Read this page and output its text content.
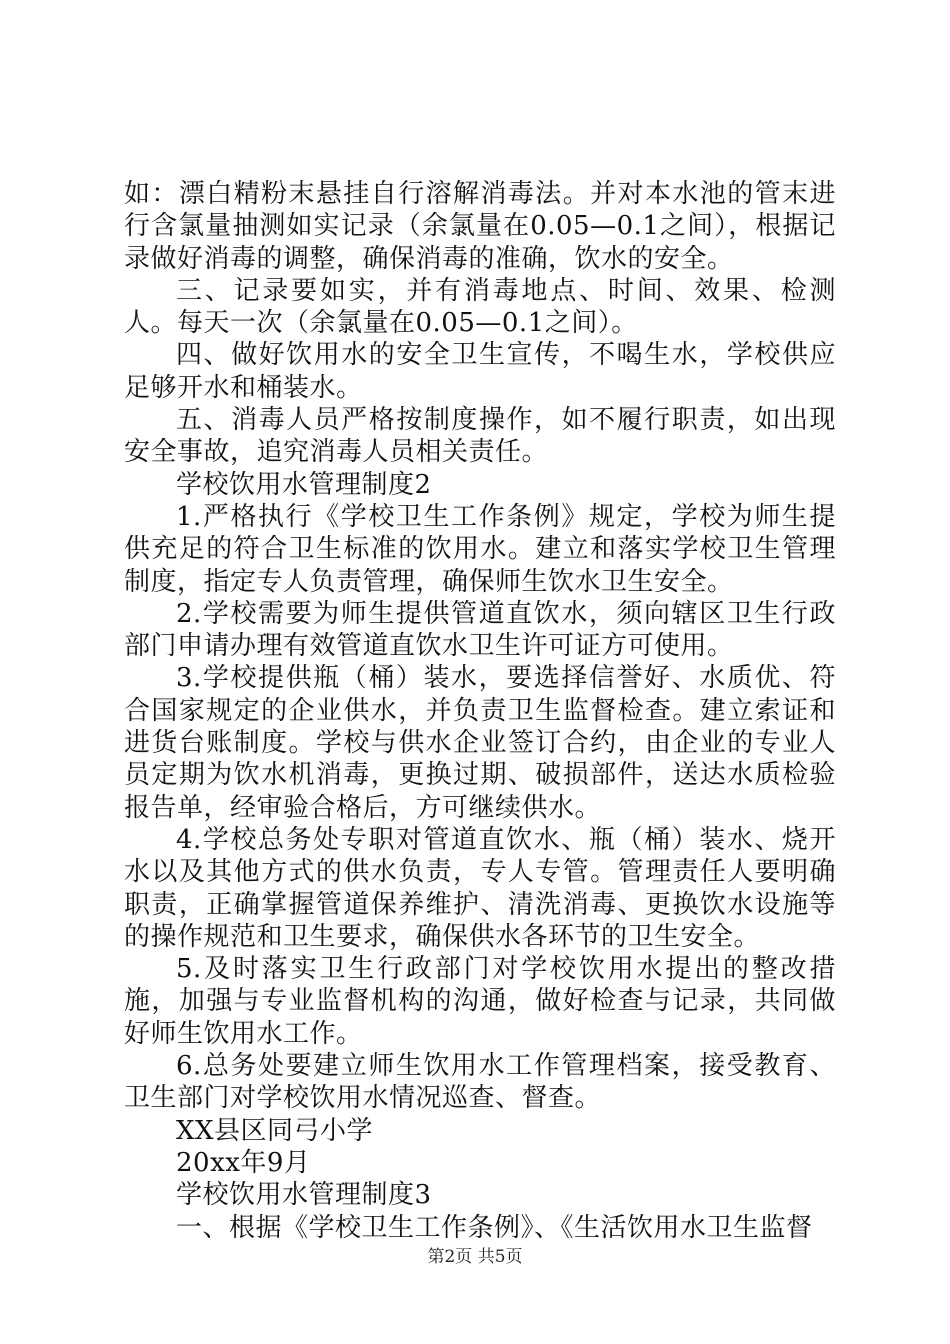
如：漂白精粉末悬挂自行溶解消毒法。并对本水池的管末进行含氯量抽测如实记录（余氯量在0.05—0.1之间），根据记录做好消毒的调整，确保消毒的准确，饮水的安全。

三、记录要如实，并有消毒地点、时间、效果、检测人。每天一次（余氯量在0.05—0.1之间）。

四、做好饮用水的安全卫生宣传，不喝生水，学校供应足够开水和桶装水。

五、消毒人员严格按制度操作，如不履行职责，如出现安全事故，追究消毒人员相关责任。

学校饮用水管理制度2

1.严格执行《学校卫生工作条例》规定，学校为师生提供充足的符合卫生标准的饮用水。建立和落实学校卫生管理制度，指定专人负责管理，确保师生饮水卫生安全。

2.学校需要为师生提供管道直饮水，须向辖区卫生行政部门申请办理有效管道直饮水卫生许可证方可使用。

3.学校提供瓶（桶）装水，要选择信誉好、水质优、符合国家规定的企业供水，并负责卫生监督检查。建立索证和进货台账制度。学校与供水企业签订合约，由企业的专业人员定期为饮水机消毒，更换过期、破损部件，送达水质检验报告单，经审验合格后，方可继续供水。

4.学校总务处专职对管道直饮水、瓶（桶）装水、烧开水以及其他方式的供水负责，专人专管。管理责任人要明确职责，正确掌握管道保养维护、清洗消毒、更换饮水设施等的操作规范和卫生要求，确保供水各环节的卫生安全。

5.及时落实卫生行政部门对学校饮用水提出的整改措施，加强与专业监督机构的沟通，做好检查与记录，共同做好师生饮用水工作。

6.总务处要建立师生饮用水工作管理档案，接受教育、卫生部门对学校饮用水情况巡查、督查。

XX县区同弓小学

20xx年9月

学校饮用水管理制度3

一、根据《学校卫生工作条例》、《生活饮用水卫生监督

第2页 共5页
